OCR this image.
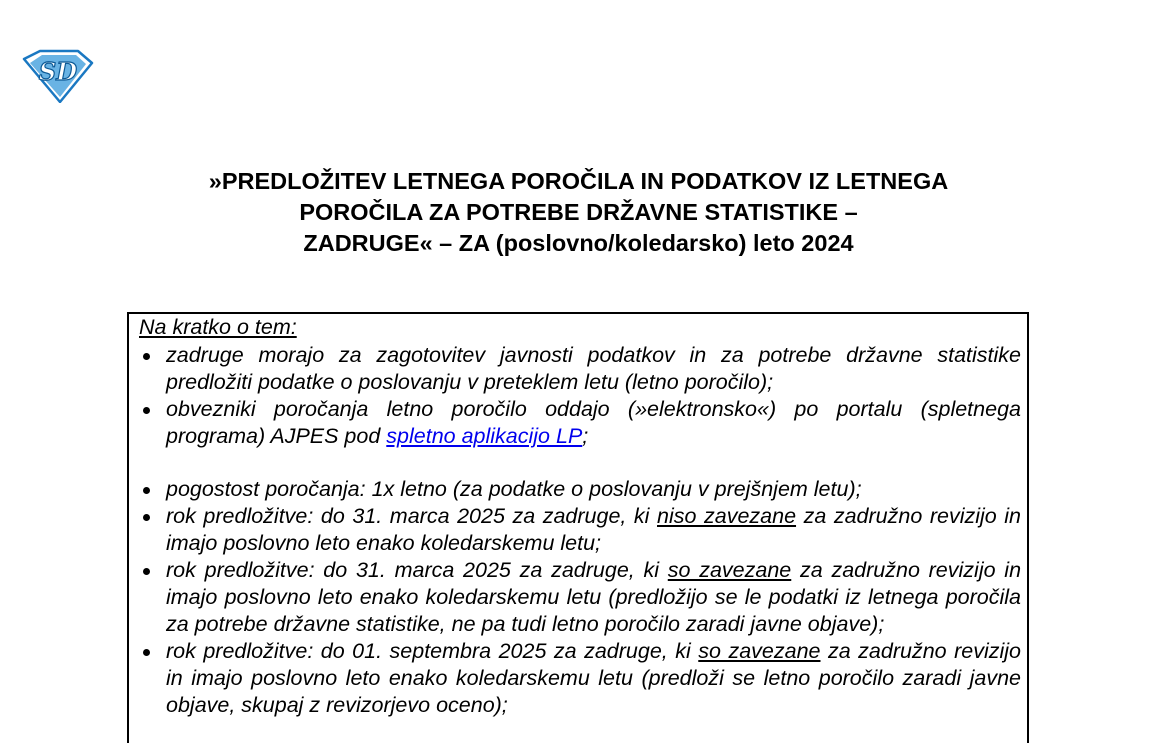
SD
»PREDLOŽITEV LETNEGA POROČILA IN PODATKOV IZ LETNEGA
POROČILA ZA POTREBE DRŽAVNE STATISTIKE –
ZADRUGE« – ZA (poslovno/koledarsko) leto 2024
Na kratko o tem:
zadruge morajo za zagotovitev javnosti podatkov in za potrebe državne statistike predložiti podatke o poslovanju v preteklem letu (letno poročilo);
obvezniki poročanja letno poročilo oddajo (»elektronsko«) po portalu (spletnega programa) AJPES pod spletno aplikacijo LP;
pogostost poročanja: 1x letno (za podatke o poslovanju v prejšnjem letu);
rok predložitve: do 31. marca 2025 za zadruge, ki niso zavezane za zadružno revizijo in imajo poslovno leto enako koledarskemu letu;
rok predložitve: do 31. marca 2025 za zadruge, ki so zavezane za zadružno revizijo in imajo poslovno leto enako koledarskemu letu (predložijo se le podatki iz letnega poročila za potrebe državne statistike, ne pa tudi letno poročilo zaradi javne objave);
rok predložitve: do 01. septembra 2025 za zadruge, ki so zavezane za zadružno revizijo in imajo poslovno leto enako koledarskemu letu (predloži se letno poročilo zaradi javne objave, skupaj z revizorjevo oceno);
